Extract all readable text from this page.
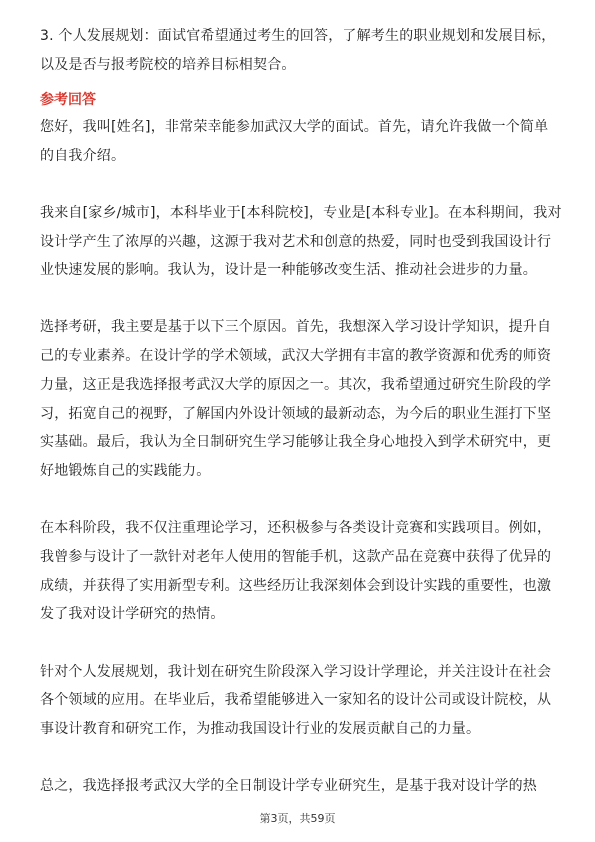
3. 个人发展规划：面试官希望通过考生的回答，了解考生的职业规划和发展目标，
以及是否与报考院校的培养目标相契合。
参考回答
您好，我叫[姓名]，非常荣幸能参加武汉大学的面试。首先，请允许我做一个简单
的自我介绍。
我来自[家乡/城市]，本科毕业于[本科院校]，专业是[本科专业]。在本科期间，我对
设计学产生了浓厚的兴趣，这源于我对艺术和创意的热爱，同时也受到我国设计行
业快速发展的影响。我认为，设计是一种能够改变生活、推动社会进步的力量。
选择考研，我主要是基于以下三个原因。首先，我想深入学习设计学知识，提升自
己的专业素养。在设计学的学术领域，武汉大学拥有丰富的教学资源和优秀的师资
力量，这正是我选择报考武汉大学的原因之一。其次，我希望通过研究生阶段的学
习，拓宽自己的视野，了解国内外设计领域的最新动态，为今后的职业生涯打下坚
实基础。最后，我认为全日制研究生学习能够让我全身心地投入到学术研究中，更
好地锻炼自己的实践能力。
在本科阶段，我不仅注重理论学习，还积极参与各类设计竞赛和实践项目。例如，
我曾参与设计了一款针对老年人使用的智能手机，这款产品在竞赛中获得了优异的
成绩，并获得了实用新型专利。这些经历让我深刻体会到设计实践的重要性，也激
发了我对设计学研究的热情。
针对个人发展规划，我计划在研究生阶段深入学习设计学理论，并关注设计在社会
各个领域的应用。在毕业后，我希望能够进入一家知名的设计公司或设计院校，从
事设计教育和研究工作，为推动我国设计行业的发展贡献自己的力量。
总之，我选择报考武汉大学的全日制设计学专业研究生，是基于我对设计学的热
第3页，共59页
